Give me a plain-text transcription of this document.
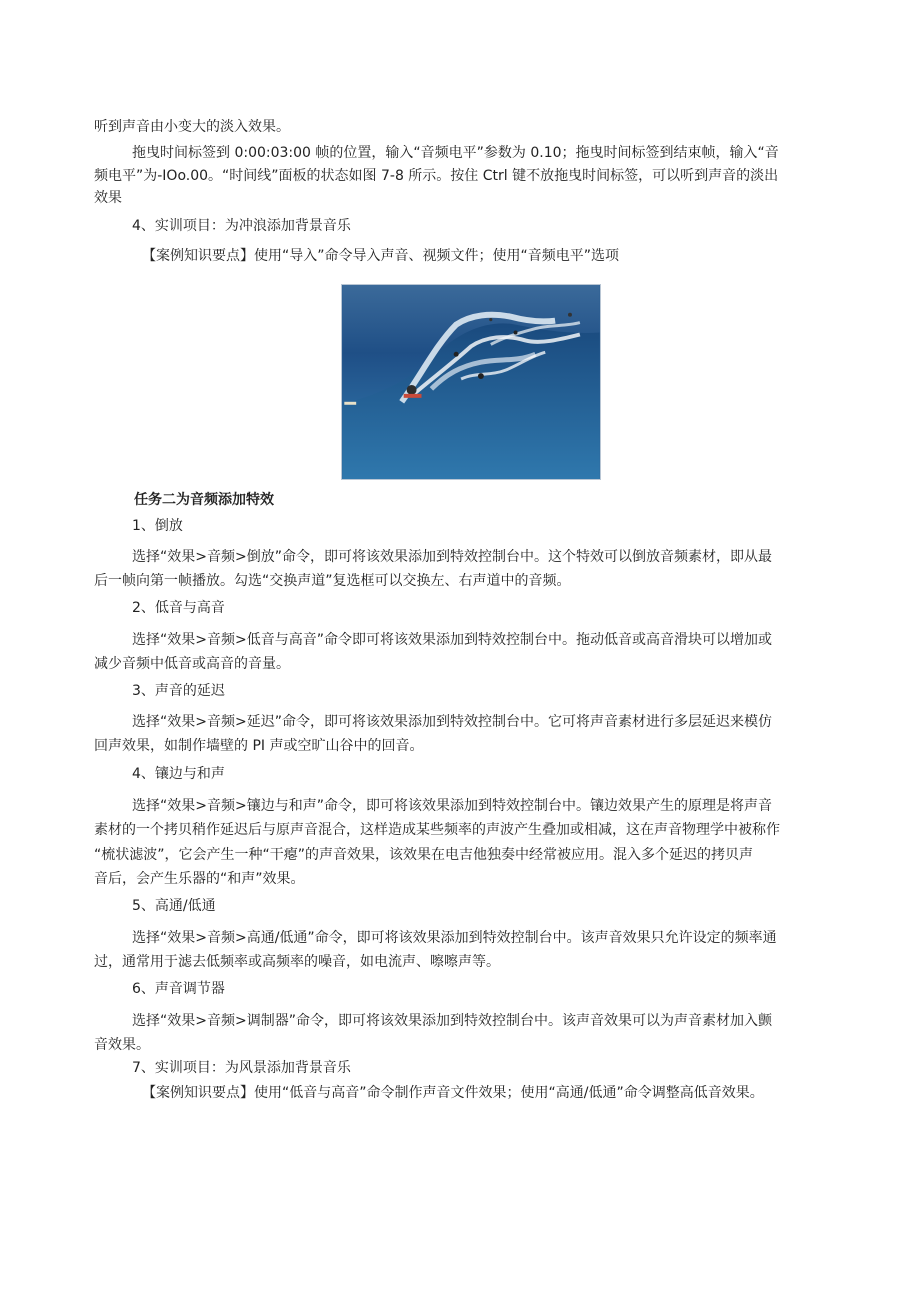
听到声音由小变大的淡入效果。
拖曳时间标签到 0:00:03:00 帧的位置，输入“音频电平”参数为 0.10；拖曳时间标签到结束帧，输入“音
频电平”为-IOo.00。“时间线”面板的状态如图 7-8 所示。按住 Ctrl 键不放拖曳时间标签，可以听到声音的淡出
效果
4、实训项目：为冲浪添加背景音乐
【案例知识要点】使用“导入”命令导入声音、视频文件；使用“音频电平”选项
任务二为音频添加特效
1、倒放
选择“效果>音频>倒放”命令，即可将该效果添加到特效控制台中。这个特效可以倒放音频素材，即从最
后一帧向第一帧播放。勾选“交换声道”复选框可以交换左、右声道中的音频。
2、低音与高音
选择“效果>音频>低音与高音”命令即可将该效果添加到特效控制台中。拖动低音或高音滑块可以增加或
减少音频中低音或高音的音量。
3、声音的延迟
选择“效果>音频>延迟”命令，即可将该效果添加到特效控制台中。它可将声音素材进行多层延迟来模仿
回声效果，如制作墙壁的 PI 声或空旷山谷中的回音。
4、镶边与和声
选择“效果>音频>镶边与和声”命令，即可将该效果添加到特效控制台中。镶边效果产生的原理是将声音
素材的一个拷贝稍作延迟后与原声音混合，这样造成某些频率的声波产生叠加或相减，这在声音物理学中被称作
“梳状滤波”，它会产生一种“干瘪”的声音效果，该效果在电吉他独奏中经常被应用。混入多个延迟的拷贝声
音后，会产生乐器的“和声”效果。
5、高通/低通
选择“效果>音频>高通/低通”命令，即可将该效果添加到特效控制台中。该声音效果只允许设定的频率通
过，通常用于滤去低频率或高频率的噪音，如电流声、嚓嚓声等。
6、声音调节器
选择“效果>音频>调制器”命令，即可将该效果添加到特效控制台中。该声音效果可以为声音素材加入颤
音效果。
7、实训项目：为风景添加背景音乐
【案例知识要点】使用“低音与高音”命令制作声音文件效果；使用“高通/低通”命令调整高低音效果。
